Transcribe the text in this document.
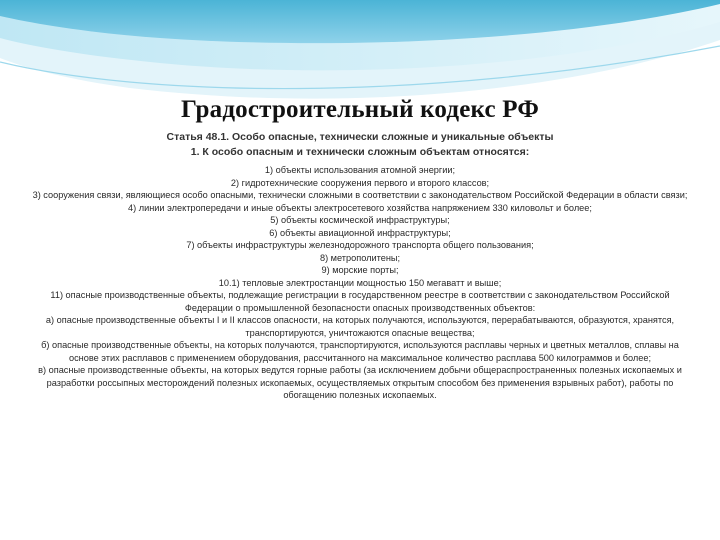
Градостроительный кодекс РФ

Статья 48.1. Особо опасные, технически сложные и уникальные объекты

1. К особо опасным и технически сложным объектам относятся:

1) объекты использования атомной энергии;

2) гидротехнические сооружения первого и второго классов;

3) сооружения связи, являющиеся особо опасными, технически сложными в соответствии с законодательством Российской Федерации в области связи;

4) линии электропередачи и иные объекты электросетевого хозяйства напряжением 330 киловольт и более;

5) объекты космической инфраструктуры;

6) объекты авиационной инфраструктуры;

7) объекты инфраструктуры железнодорожного транспорта общего пользования;

8) метрополитены;

9) морские порты;

10.1) тепловые электростанции мощностью 150 мегаватт и выше;

11) опасные производственные объекты, подлежащие регистрации в государственном реестре в соответствии с законодательством Российской Федерации о промышленной безопасности опасных производственных объектов:

а) опасные производственные объекты I и II классов опасности, на которых получаются, используются, перерабатываются, образуются, хранятся, транспортируются, уничтожаются опасные вещества;

б) опасные производственные объекты, на которых получаются, транспортируются, используются расплавы черных и цветных металлов, сплавы на основе этих расплавов с применением оборудования, рассчитанного на максимальное количество расплава 500 килограммов и более;

в) опасные производственные объекты, на которых ведутся горные работы (за исключением добычи общераспространенных полезных ископаемых и разработки россыпных месторождений полезных ископаемых, осуществляемых открытым способом без применения взрывных работ), работы по обогащению полезных ископаемых.
